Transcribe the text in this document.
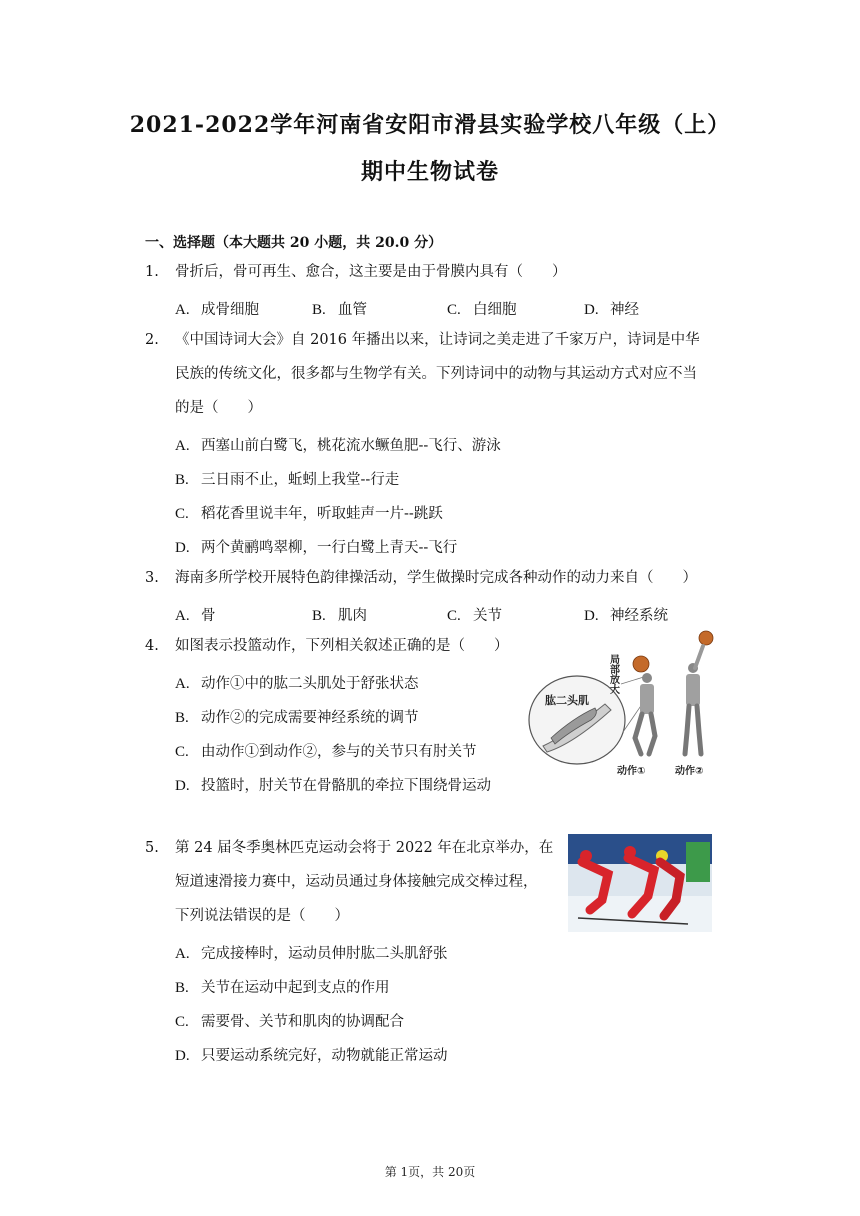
2021-2022学年河南省安阳市滑县实验学校八年级（上）
期中生物试卷
一、选择题（本大题共 20 小题，共 20.0 分）
1. 骨折后，骨可再生、愈合，这主要是由于骨膜内具有（　　）
A. 成骨细胞	B. 血管	C. 白细胞	D. 神经
2. 《中国诗词大会》自 2016 年播出以来，让诗词之美走进了千家万户，诗词是中华
民族的传统文化，很多都与生物学有关。下列诗词中的动物与其运动方式对应不当
的是（　　）
A. 西塞山前白鹭飞，桃花流水鳜鱼肥--飞行、游泳
B. 三日雨不止，蚯蚓上我堂--行走
C. 稻花香里说丰年，听取蛙声一片--跳跃
D. 两个黄鹂鸣翠柳，一行白鹭上青天--飞行
3. 海南多所学校开展特色韵律操活动，学生做操时完成各种动作的动力来自（　　）
A. 骨	B. 肌肉	C. 关节	D. 神经系统
4. 如图表示投篮动作，下列相关叙述正确的是（　　）
A. 动作①中的肱二头肌处于舒张状态
B. 动作②的完成需要神经系统的调节
C. 由动作①到动作②，参与的关节只有肘关节
D. 投篮时，肘关节在骨骼肌的牵拉下围绕骨运动
肱二头肌
局部放大
动作①	动作②
5. 第 24 届冬季奥林匹克运动会将于 2022 年在北京举办，在
短道速滑接力赛中，运动员通过身体接触完成交棒过程，
下列说法错误的是（　　）
A. 完成接棒时，运动员伸肘肱二头肌舒张
B. 关节在运动中起到支点的作用
C. 需要骨、关节和肌肉的协调配合
D. 只要运动系统完好，动物就能正常运动
第 1页，共 20页
